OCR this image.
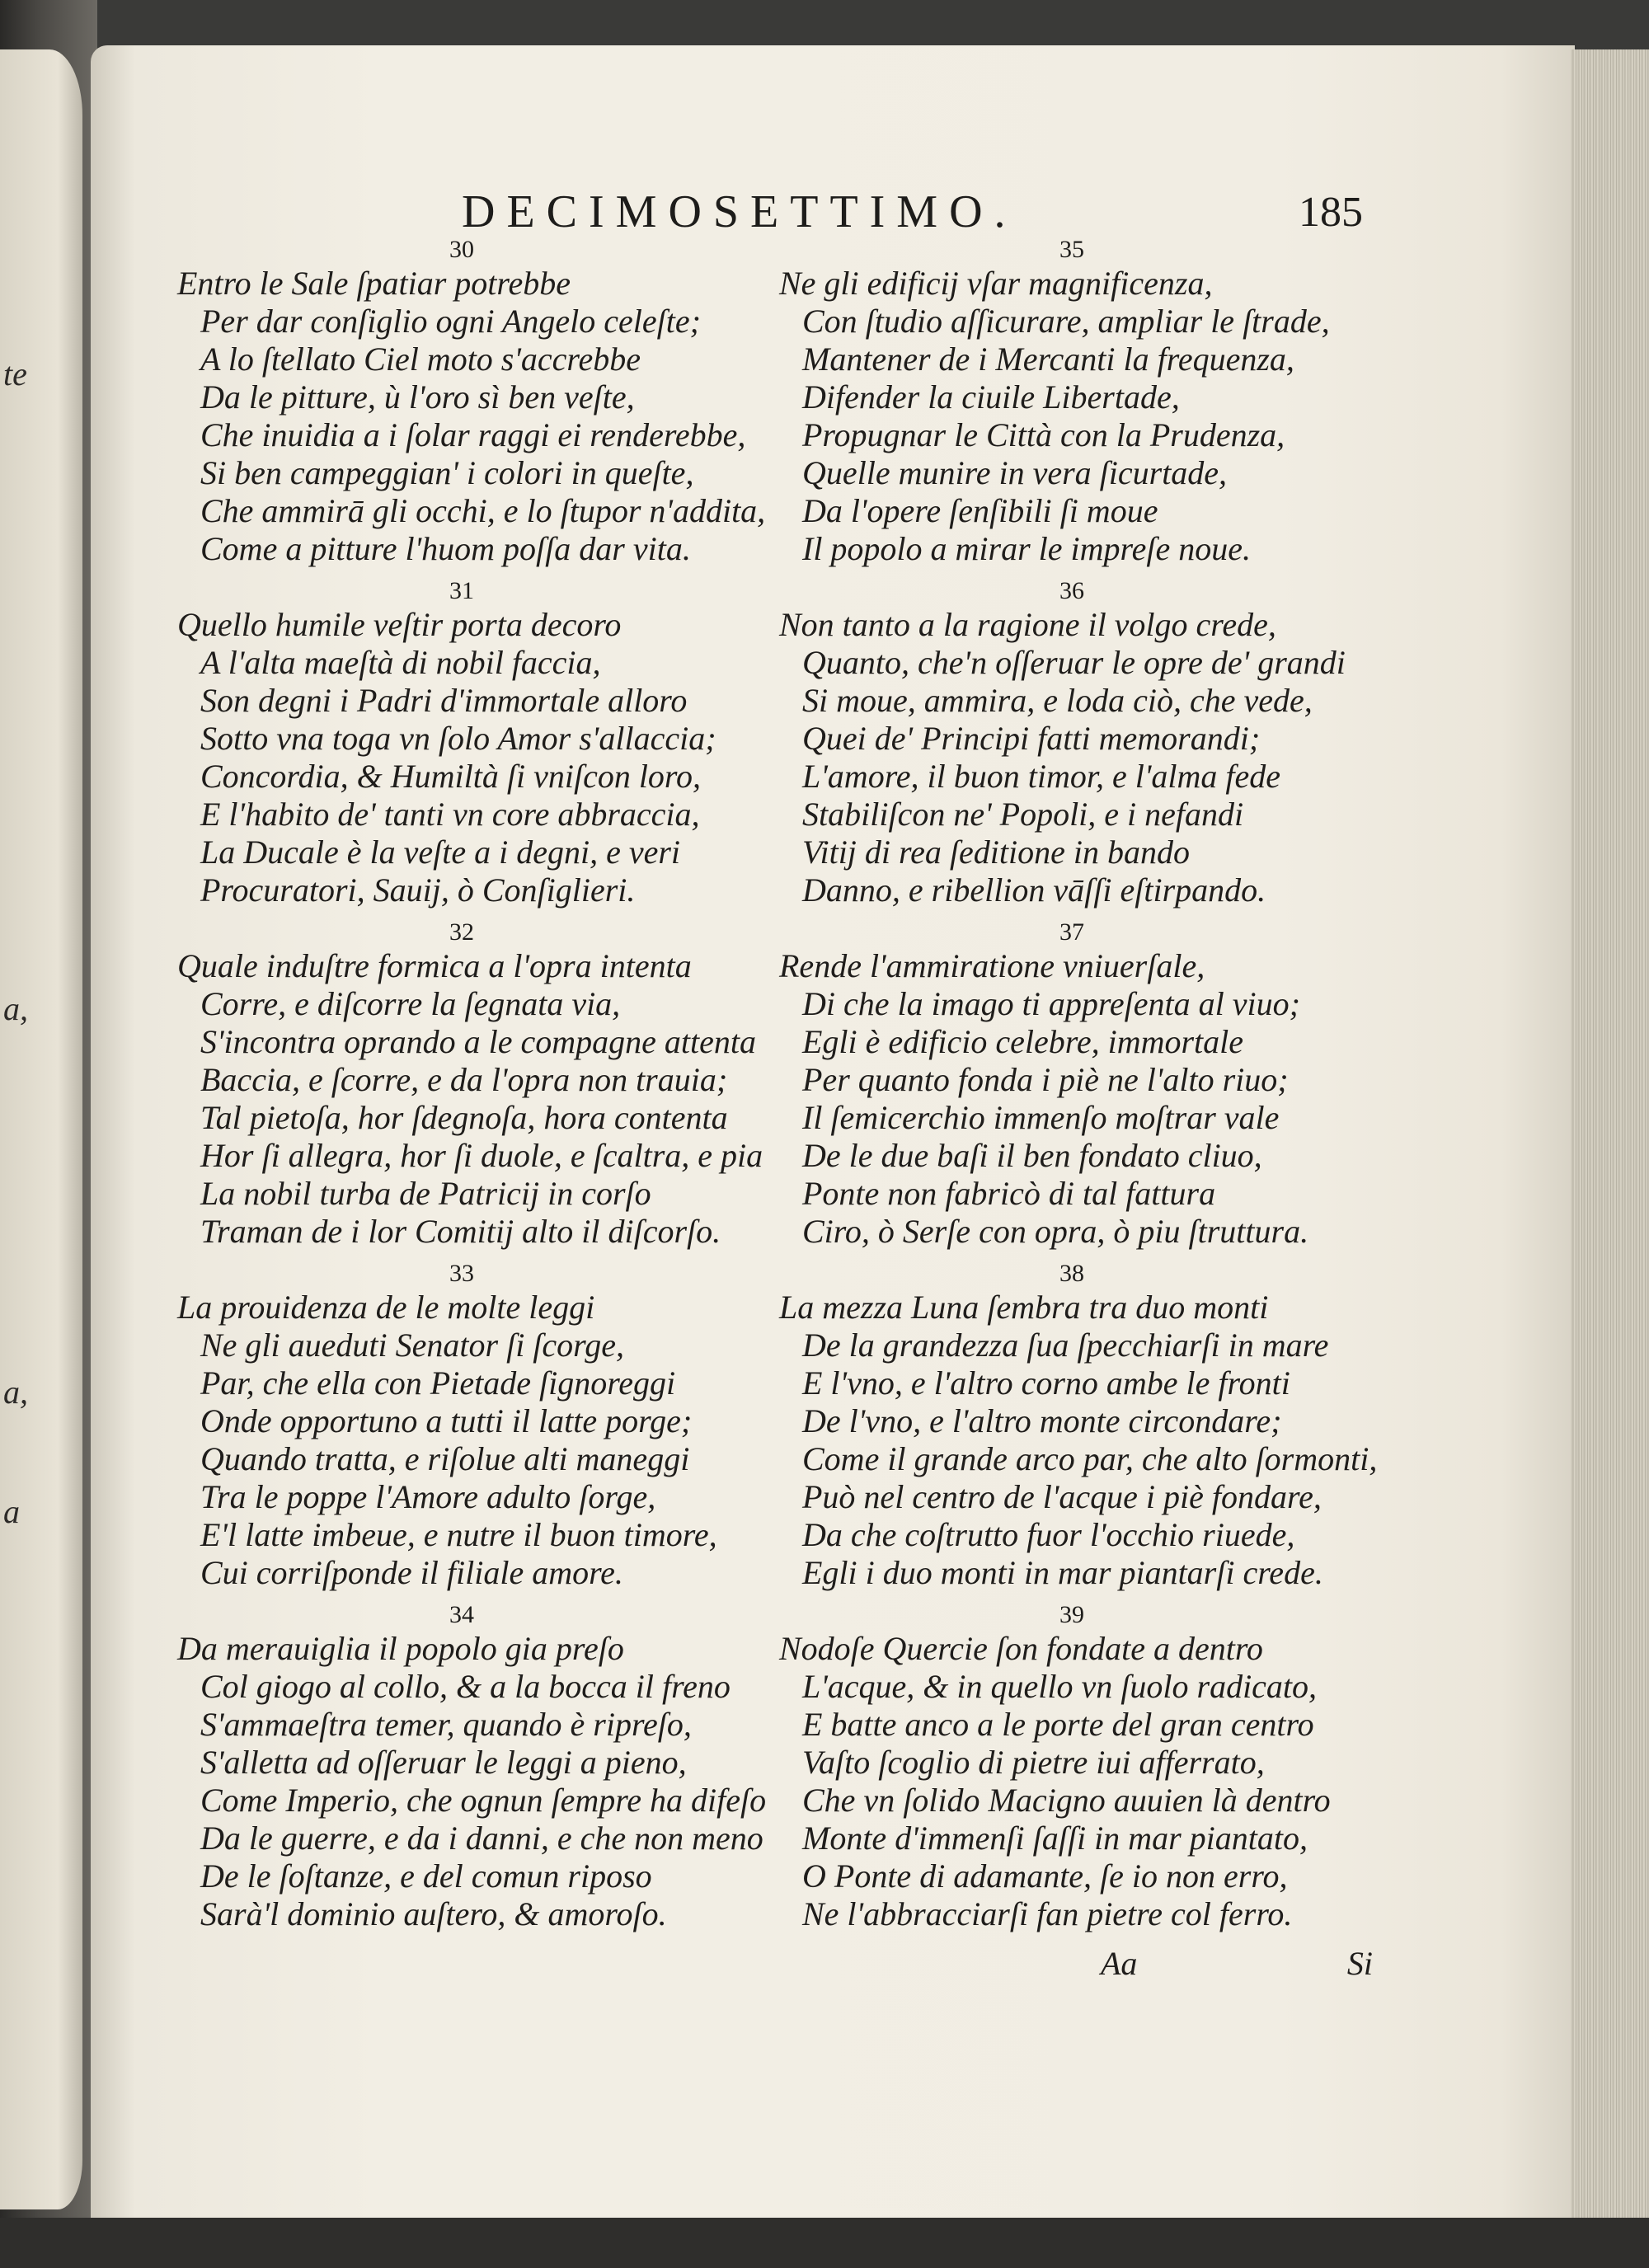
te
a,
a,
a
DECIMOSETTIMO.	185
30
Entro le Sale ſpatiar potrebbe
Per dar conſiglio ogni Angelo celeſte;
A lo ſtellato Ciel moto s'accrebbe
Da le pitture, ù l'oro sì ben veſte,
Che inuidia a i ſolar raggi ei renderebbe,
Si ben campeggian' i colori in queſte,
Che ammirā gli occhi, e lo ſtupor n'addita,
Come a pitture l'huom poſſa dar vita.
31
Quello humile veſtir porta decoro
A l'alta maeſtà di nobil faccia,
Son degni i Padri d'immortale alloro
Sotto vna toga vn ſolo Amor s'allaccia;
Concordia, & Humiltà ſi vniſcon loro,
E l'habito de' tanti vn core abbraccia,
La Ducale è la veſte a i degni, e veri
Procuratori, Sauij, ò Conſiglieri.
32
Quale induſtre formica a l'opra intenta
Corre, e diſcorre la ſegnata via,
S'incontra oprando a le compagne attenta
Baccia, e ſcorre, e da l'opra non trauia;
Tal pietoſa, hor ſdegnoſa, hora contenta
Hor ſi allegra, hor ſi duole, e ſcaltra, e pia
La nobil turba de Patricij in corſo
Traman de i lor Comitij alto il diſcorſo.
33
La prouidenza de le molte leggi
Ne gli aueduti Senator ſi ſcorge,
Par, che ella con Pietade ſignoreggi
Onde opportuno a tutti il latte porge;
Quando tratta, e riſolue alti maneggi
Tra le poppe l'Amore adulto ſorge,
E'l latte imbeue, e nutre il buon timore,
Cui corriſponde il filiale amore.
34
Da merauiglia il popolo gia preſo
Col giogo al collo, & a la bocca il freno
S'ammaeſtra temer, quando è ripreſo,
S'alletta ad oſſeruar le leggi a pieno,
Come Imperio, che ognun ſempre ha difeſo
Da le guerre, e da i danni, e che non meno
De le ſoſtanze, e del comun riposo
Sarà'l dominio auſtero, & amoroſo.
35
Ne gli edificij vſar magnificenza,
Con ſtudio aſſicurare, ampliar le ſtrade,
Mantener de i Mercanti la frequenza,
Difender la ciuile Libertade,
Propugnar le Città con la Prudenza,
Quelle munire in vera ſicurtade,
Da l'opere ſenſibili ſi moue
Il popolo a mirar le impreſe noue.
36
Non tanto a la ragione il volgo crede,
Quanto, che'n oſſeruar le opre de' grandi
Si moue, ammira, e loda ciò, che vede,
Quei de' Principi fatti memorandi;
L'amore, il buon timor, e l'alma fede
Stabiliſcon ne' Popoli, e i nefandi
Vitij di rea ſeditione in bando
Danno, e ribellion vāſſi eſtirpando.
37
Rende l'ammiratione vniuerſale,
Di che la imago ti appreſenta al viuo;
Egli è edificio celebre, immortale
Per quanto fonda i piè ne l'alto riuo;
Il ſemicerchio immenſo moſtrar vale
De le due baſi il ben fondato cliuo,
Ponte non fabricò di tal fattura
Ciro, ò Serſe con opra, ò piu ſtruttura.
38
La mezza Luna ſembra tra duo monti
De la grandezza ſua ſpecchiarſi in mare
E l'vno, e l'altro corno ambe le fronti
De l'vno, e l'altro monte circondare;
Come il grande arco par, che alto ſormonti,
Può nel centro de l'acque i piè fondare,
Da che coſtrutto fuor l'occhio riuede,
Egli i duo monti in mar piantarſi crede.
39
Nodoſe Quercie ſon fondate a dentro
L'acque, & in quello vn ſuolo radicato,
E batte anco a le porte del gran centro
Vaſto ſcoglio di pietre iui afferrato,
Che vn ſolido Macigno auuien là dentro
Monte d'immenſi ſaſſi in mar piantato,
O Ponte di adamante, ſe io non erro,
Ne l'abbracciarſi fan pietre col ferro.
Aa	Si
